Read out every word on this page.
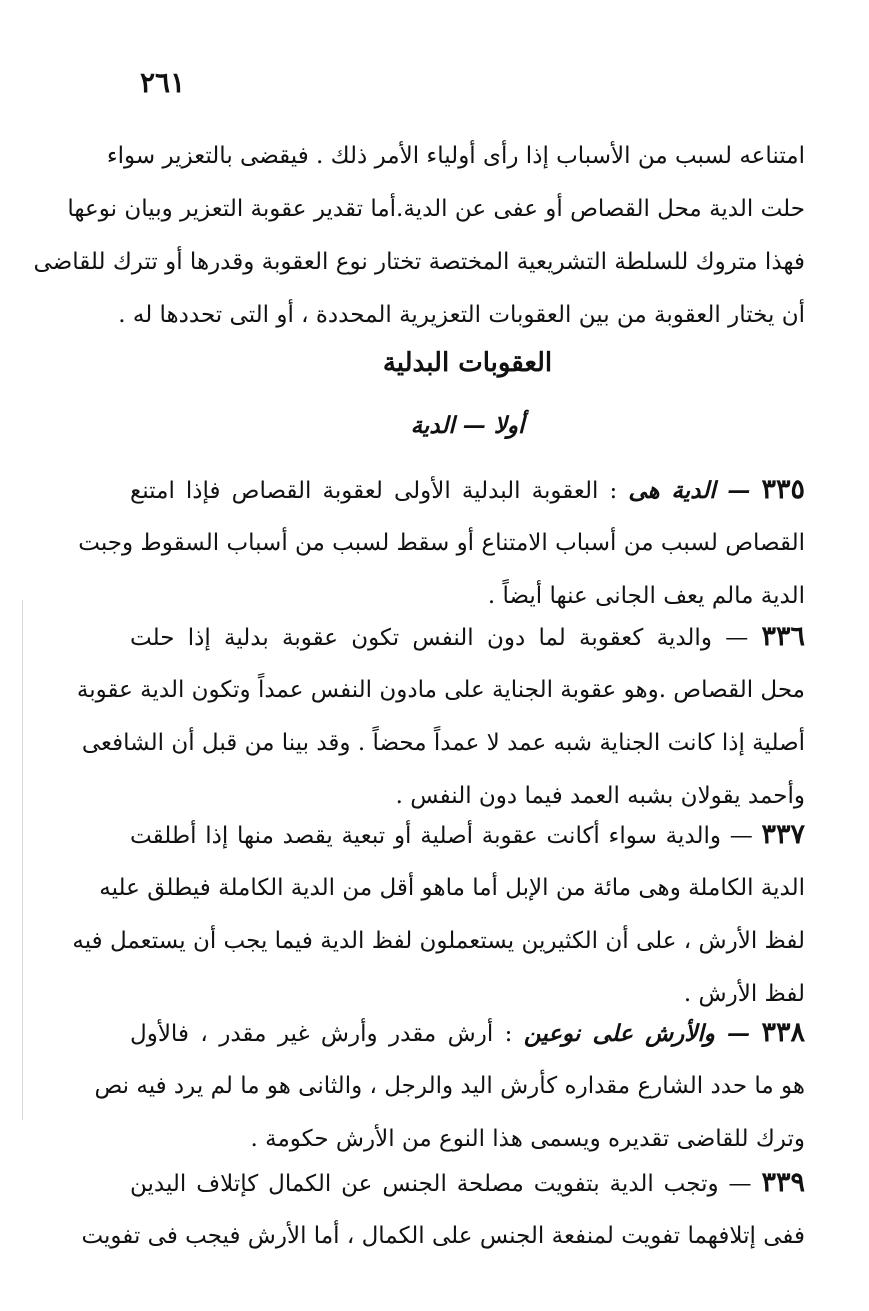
٢٦١
امتناعه لسبب من الأسباب إذا رأى أولياء الأمر ذلك . فيقضى بالتعزير سواء
حلت الدية محل القصاص أو عفى عن الدية.أما تقدير عقوبة التعزير وبيان نوعها
فهذا متروك للسلطة التشريعية المختصة تختار نوع العقوبة وقدرها أو تترك للقاضى
أن يختار العقوبة من بين العقوبات التعزيرية المحددة ، أو التى تحددها له .
العقوبات البدلية
أولا — الدية
٣٣٥ — الدية هى : العقوبة البدلية الأولى لعقوبة القصاص فإذا امتنع
القصاص لسبب من أسباب الامتناع أو سقط لسبب من أسباب السقوط وجبت
الدية مالم يعف الجانى عنها أيضاً .
٣٣٦ — والدية كعقوبة لما دون النفس تكون عقوبة بدلية إذا حلت
محل القصاص .وهو عقوبة الجناية على مادون النفس عمداً وتكون الدية عقوبة
أصلية إذا كانت الجناية شبه عمد لا عمداً محضاً . وقد بينا من قبل أن الشافعى
وأحمد يقولان بشبه العمد فيما دون النفس .
٣٣٧ — والدية سواء أكانت عقوبة أصلية أو تبعية يقصد منها إذا أطلقت
الدية الكاملة وهى مائة من الإبل أما ماهو أقل من الدية الكاملة فيطلق عليه
لفظ الأرش ، على أن الكثيرين يستعملون لفظ الدية فيما يجب أن يستعمل فيه
لفظ الأرش .
٣٣٨ — والأرش على نوعين : أرش مقدر وأرش غير مقدر ، فالأول
هو ما حدد الشارع مقداره كأرش اليد والرجل ، والثانى هو ما لم يرد فيه نص
وترك للقاضى تقديره ويسمى هذا النوع من الأرش حكومة .
٣٣٩ — وتجب الدية بتفويت مصلحة الجنس عن الكمال كإتلاف اليدين
ففى إتلافهما تفويت لمنفعة الجنس على الكمال ، أما الأرش فيجب فى تفويت
